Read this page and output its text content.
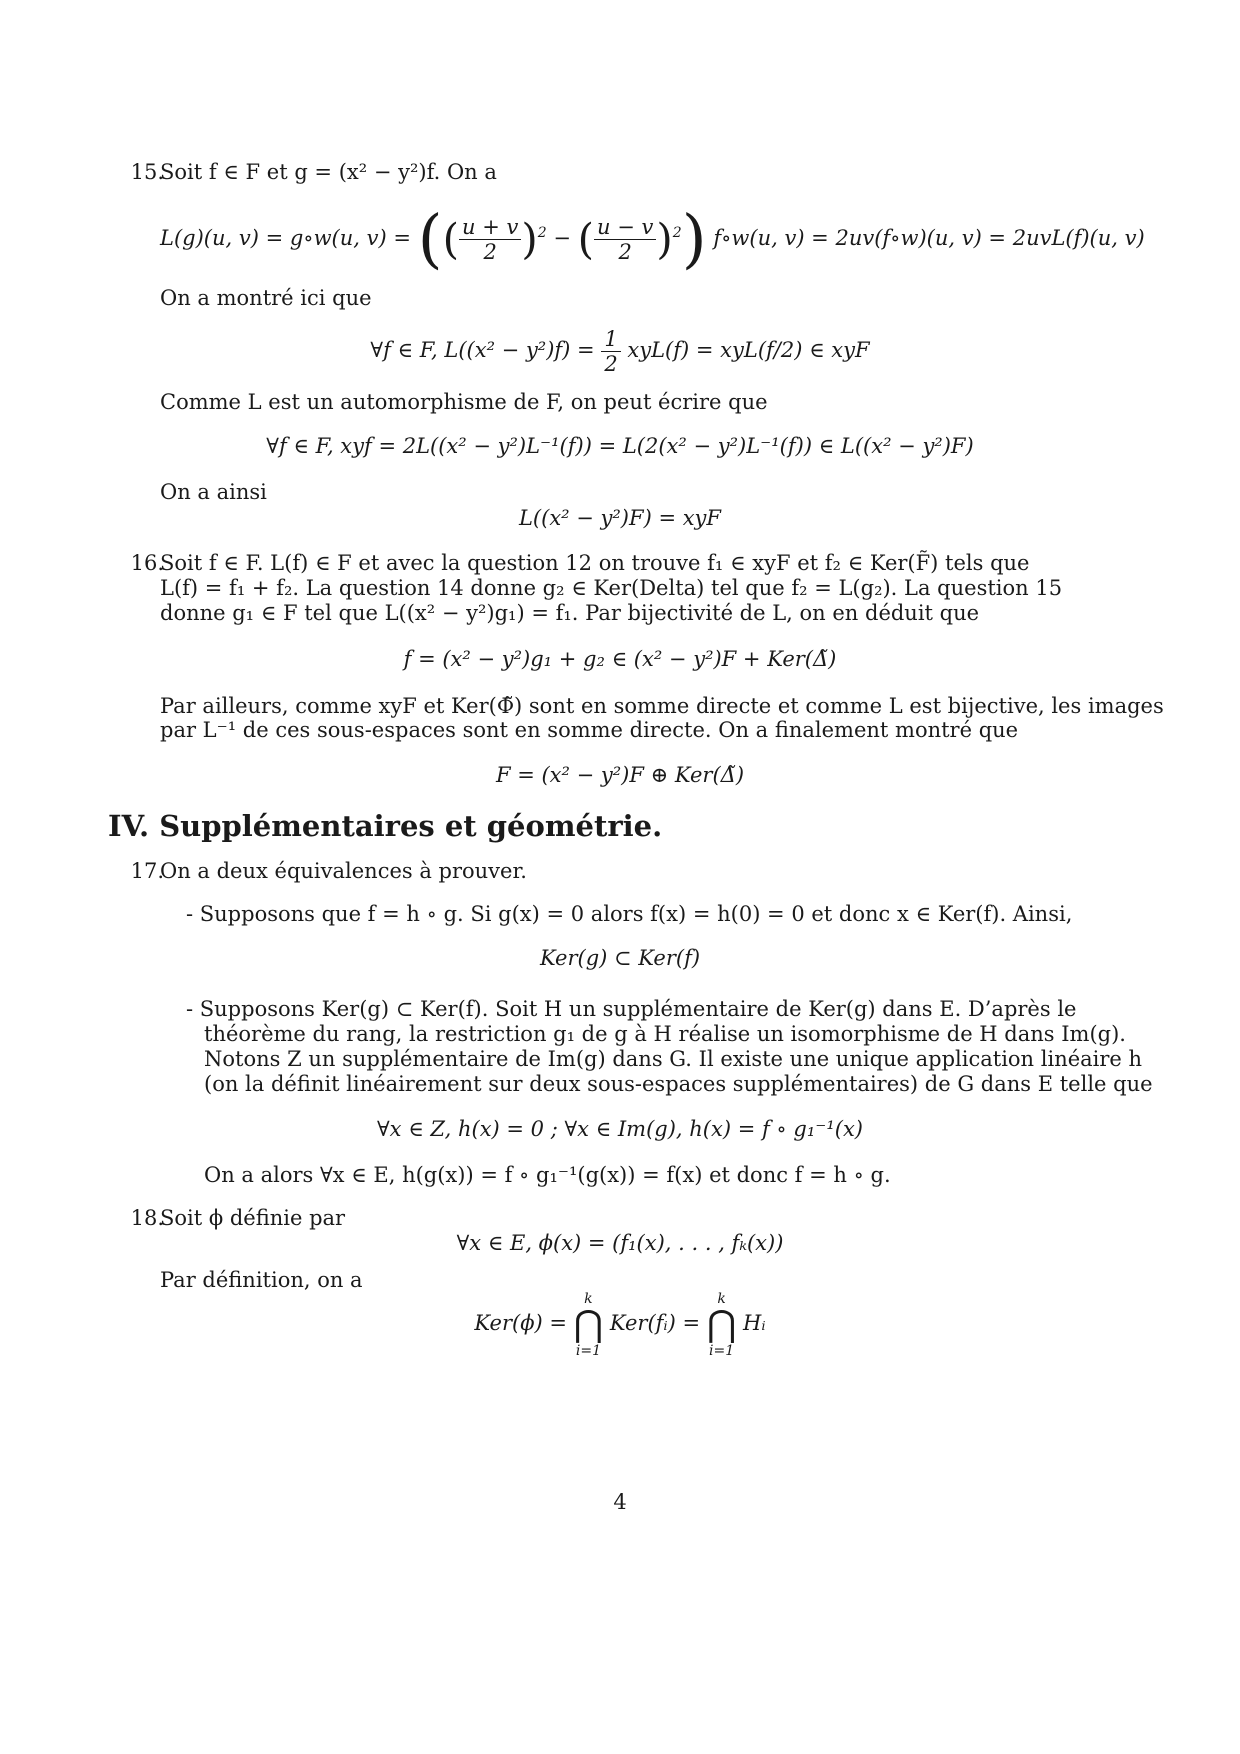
15.
Soit f ∈ F et g = (x² − y²)f. On a
L(g)(u, v) = g∘w(u, v) = (( $\frac{u + v}{2} )^2$ − ( $\frac{u - v}{2} )^2$) f∘w(u, v) = 2uv(f∘w)(u, v) = 2uvL(f)(u, v)
On a montré ici que
∀f ∈ F, $L((x^2 - y^2)f) = \frac{1}{2} xyL(f) = xyL(f/2)$ ∈ xyF
Comme L est un automorphisme de F, on peut écrire que
∀f ∈ F, xyf = 2L((x² − y²)L⁻¹(f)) = L(2(x² − y²)L⁻¹(f)) ∈ L((x² − y²)F)
On a ainsi
L((x² − y²)F) = xyF
16.
Soit f ∈ F. L(f) ∈ F et avec la question 12 on trouve f₁ ∈ xyF et f₂ ∈ Ker(F̃) tels que
L(f) = f₁ + f₂. La question 14 donne g₂ ∈ Ker(Delta) tel que f₂ = L(g₂). La question 15
donne g₁ ∈ F tel que L((x² − y²)g₁) = f₁. Par bijectivité de L, on en déduit que
f = (x² − y²)g₁ + g₂ ∈ (x² − y²)F + Ker(Δ̃)
Par ailleurs, comme xyF et Ker(Φ̃) sont en somme directe et comme L est bijective, les images
par L⁻¹ de ces sous-espaces sont en somme directe. On a finalement montré que
F = (x² − y²)F ⊕ Ker(Δ̃)
IV. Supplémentaires et géométrie.
17.
On a deux équivalences à prouver.
- Supposons que f = h ∘ g. Si g(x) = 0 alors f(x) = h(0) = 0 et donc x ∈ Ker(f). Ainsi,
Ker(g) ⊂ Ker(f)
- Supposons Ker(g) ⊂ Ker(f). Soit H un supplémentaire de Ker(g) dans E. D’après le
théorème du rang, la restriction g₁ de g à H réalise un isomorphisme de H dans Im(g).
Notons Z un supplémentaire de Im(g) dans G. Il existe une unique application linéaire h
(on la définit linéairement sur deux sous-espaces supplémentaires) de G dans E telle que
∀x ∈ Z, h(x) = 0 ; ∀x ∈ Im(g), h(x) = f ∘ g₁⁻¹(x)
On a alors ∀x ∈ E, h(g(x)) = f ∘ g₁⁻¹(g(x)) = f(x) et donc f = h ∘ g.
18.
Soit ϕ définie par
∀x ∈ E, ϕ(x) = (f₁(x), . . . , fₖ(x))
Par définition, on a
Ker(ϕ) =
k
⋂
i=1
Ker(fᵢ) =
k
⋂
i=1
Hᵢ
4
